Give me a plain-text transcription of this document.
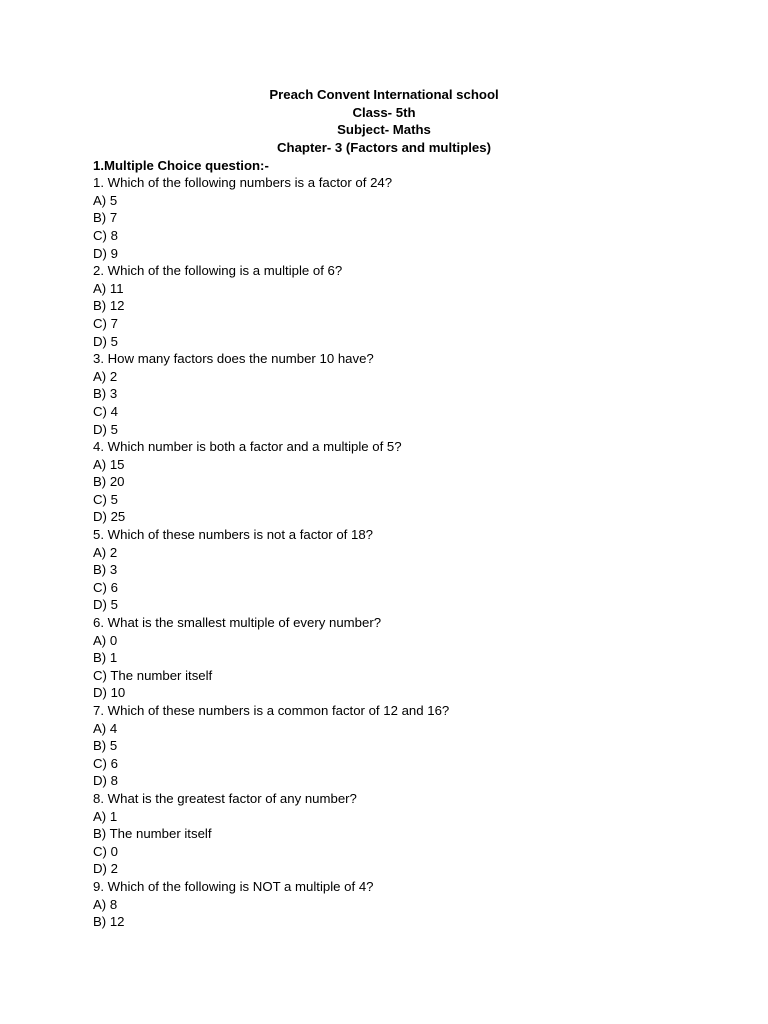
Preach Convent International school
Class- 5th
Subject- Maths
Chapter- 3 (Factors and multiples)
1.Multiple Choice question:-
1. Which of the following numbers is a factor of 24?
A) 5
B) 7
C) 8
D) 9
2. Which of the following is a multiple of 6?
A) 11
B) 12
C) 7
D) 5
3. How many factors does the number 10 have?
A) 2
B) 3
C) 4
D) 5
4. Which number is both a factor and a multiple of 5?
A) 15
B) 20
C) 5
D) 25
5. Which of these numbers is not a factor of 18?
A) 2
B) 3
C) 6
D) 5
6. What is the smallest multiple of every number?
A) 0
B) 1
C) The number itself
D) 10
7. Which of these numbers is a common factor of 12 and 16?
A) 4
B) 5
C) 6
D) 8
8. What is the greatest factor of any number?
A) 1
B) The number itself
C) 0
D) 2
9. Which of the following is NOT a multiple of 4?
A) 8
B) 12
